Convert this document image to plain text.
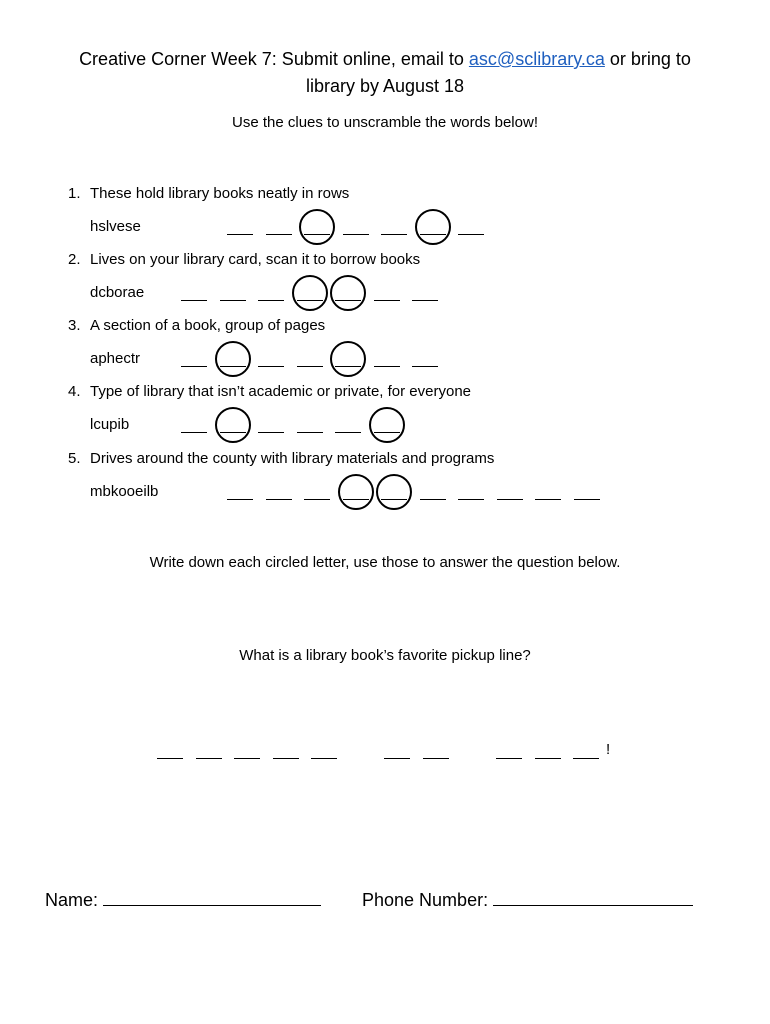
Creative Corner Week 7: Submit online, email to asc@sclibrary.ca or bring to
library by August 18
Use the clues to unscramble the words below!
1. These hold library books neatly in rows
hslvese
2. Lives on your library card, scan it to borrow books
dcborae
3. A section of a book, group of pages
aphectr
4. Type of library that isn’t academic or private, for everyone
lcupib
5. Drives around the county with library materials and programs
mbkooeilb
Write down each circled letter, use those to answer the question below.
What is a library book’s favorite pickup line?
!
Name:	Phone Number:
